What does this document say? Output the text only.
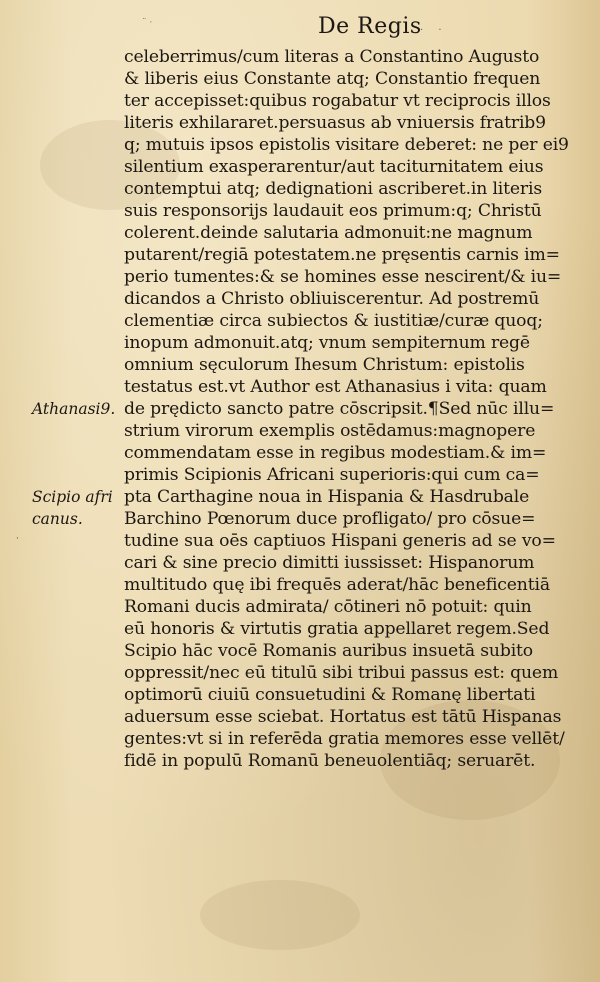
¨ ·	De Regis
. .
celeberrimus/cum literas a Constantino Augusto
& liberis eius Constante atq; Constantio frequen
ter accepisset:quibus rogabatur vt reciprocis illos
literis exhilararet.persuasus ab vniuersis fratrib9
q; mutuis ipsos epistolis visitare deberet: ne per ei9
silentium exasperarentur/aut taciturnitatem eius
contemptui atq; dedignationi ascriberet.in literis
suis responsorijs laudauit eos primum:q; Christū
colerent.deinde salutaria admonuit:ne magnum
putarent/regiā potestatem.ne pręsentis carnis im=
perio tumentes:& se homines esse nescirent/& iu=
dicandos a Christo obliuiscerentur. Ad postremū
clementiæ circa subiectos & iustitiæ/curæ quoq;
inopum admonuit.atq; vnum sempiternum regē
omnium sęculorum Ihesum Christum: epistolis
testatus est.vt Author est Athanasius i vita: quam
de prędicto sancto patre cōscripsit.¶Sed nūc illu=
strium virorum exemplis ostēdamus:magnopere
commendatam esse in regibus modestiam.& im=
primis Scipionis Africani superioris:qui cum ca=
pta Carthagine noua in Hispania & Hasdrubale
Barchino Pœnorum duce profligato/ pro cōsue=
tudine sua oēs captiuos Hispani generis ad se vo=
cari & sine precio dimitti iussisset: Hispanorum
multitudo quę ibi frequēs aderat/hāc beneficentiā
Romani ducis admirata/ cōtineri nō potuit: quin
eū honoris & virtutis gratia appellaret regem.Sed
Scipio hāc vocē Romanis auribus insuetā subito
oppressit/nec eū titulū sibi tribui passus est: quem
optimorū ciuiū consuetudini & Romanę libertati
aduersum esse sciebat. Hortatus est tātū Hispanas
gentes:vt si in referēda gratia memores esse vellēt/
fidē in populū Romanū beneuolentiāq; seruarēt.
Athanasi9.
Scipio afri
canus.
·
